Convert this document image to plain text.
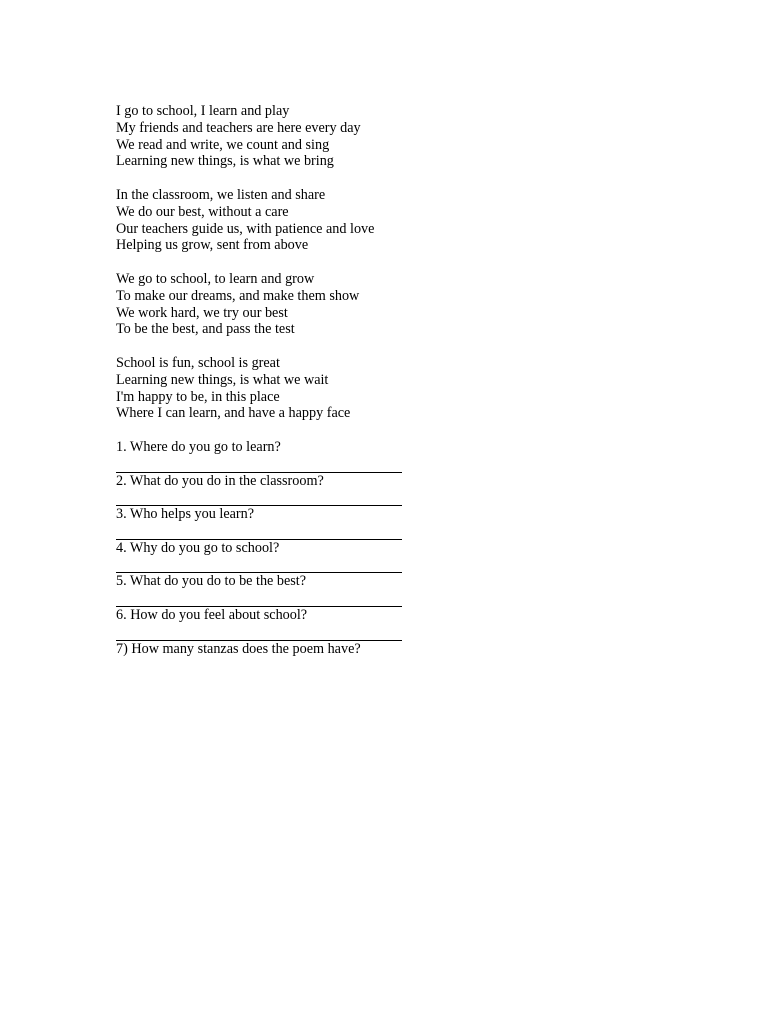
I go to school, I learn and play
My friends and teachers are here every day
We read and write, we count and sing
Learning new things, is what we bring
In the classroom, we listen and share
We do our best, without a care
Our teachers guide us, with patience and love
Helping us grow, sent from above
We go to school, to learn and grow
To make our dreams, and make them show
We work hard, we try our best
To be the best, and pass the test
School is fun, school is great
Learning new things, is what we wait
I'm happy to be, in this place
Where I can learn, and have a happy face
1. Where do you go to learn?
2. What do you do in the classroom?
3. Who helps you learn?
4. Why do you go to school?
5. What do you do to be the best?
6. How do you feel about school?
7) How many stanzas does the poem have?
